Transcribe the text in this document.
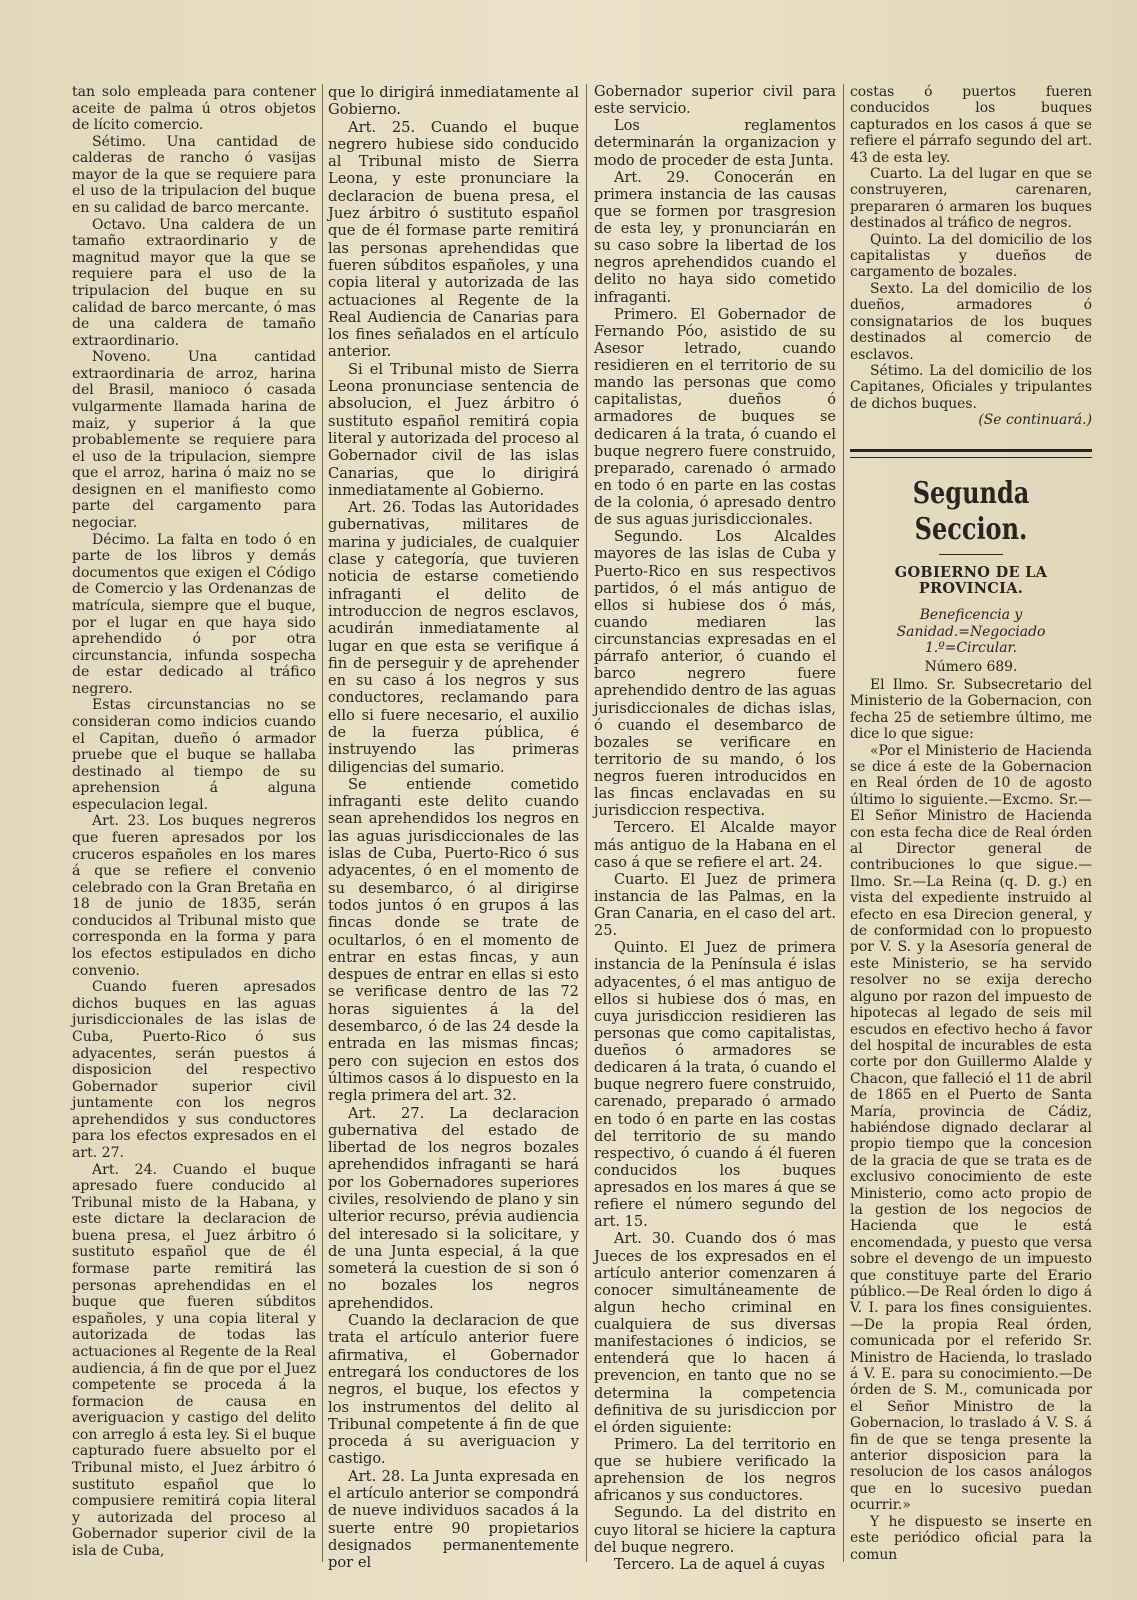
tan solo empleada para contener aceite de palma ú otros objetos de lícito comercio.

Sétimo. Una cantidad de calderas de rancho ó vasijas mayor de la que se requiere para el uso de la tripulacion del buque en su calidad de barco mercante.

Octavo. Una caldera de un tamaño extraordinario y de magnitud mayor que la que se requiere para el uso de la tripulacion del buque en su calidad de barco mercante, ó mas de una caldera de tamaño extraordinario.

Noveno. Una cantidad extraordinaria de arroz, harina del Brasil, manioco ó casada vulgarmente llamada harina de maiz, y superior á la que probablemente se requiere para el uso de la tripulacion, siempre que el arroz, harina ó maiz no se designen en el manifiesto como parte del cargamento para negociar.

Décimo. La falta en todo ó en parte de los libros y demás documentos que exigen el Código de Comercio y las Ordenanzas de matrícula, siempre que el buque, por el lugar en que haya sido aprehendido ó por otra circunstancia, infunda sospecha de estar dedicado al tráfico negrero.

Estas circunstancias no se consideran como indicios cuando el Capitan, dueño ó armador pruebe que el buque se hallaba destinado al tiempo de su aprehension á alguna especulacion legal.

Art. 23. Los buques negreros que fueren apresados por los cruceros españoles en los mares á que se refiere el convenio celebrado con la Gran Bretaña en 18 de junio de 1835, serán conducidos al Tribunal misto que corresponda en la forma y para los efectos estipulados en dicho convenio.

Cuando fueren apresados dichos buques en las aguas jurisdiccionales de las islas de Cuba, Puerto-Rico ó sus adyacentes, serán puestos á disposicion del respectivo Gobernador superior civil juntamente con los negros aprehendidos y sus conductores para los efectos expresados en el art. 27.

Art. 24. Cuando el buque apresado fuere conducido al Tribunal misto de la Habana, y este dictare la declaracion de buena presa, el Juez árbitro ó sustituto español que de él formase parte remitirá las personas aprehendidas en el buque que fueren súbditos españoles, y una copia literal y autorizada de todas las actuaciones al Regente de la Real audiencia, á fin de que por el Juez competente se proceda á la formacion de causa en averiguacion y castigo del delito con arreglo á esta ley. Si el buque capturado fuere absuelto por el Tribunal misto, el Juez árbitro ó sustituto español que lo compusiere remitirá copia literal y autorizada del proceso al Gobernador superior civil de la isla de Cuba,

que lo dirigirá inmediatamente al Gobierno.

Art. 25. Cuando el buque negrero hubiese sido conducido al Tribunal misto de Sierra Leona, y este pronunciare la declaracion de buena presa, el Juez árbitro ó sustituto español que de él formase parte remitirá las personas aprehendidas que fueren súbditos españoles, y una copia literal y autorizada de las actuaciones al Regente de la Real Audiencia de Canarias para los fines señalados en el artículo anterior.

Si el Tribunal misto de Sierra Leona pronunciase sentencia de absolucion, el Juez árbitro ó sustituto español remitirá copia literal y autorizada del proceso al Gobernador civil de las islas Canarias, que lo dirigirá inmediatamente al Gobierno.

Art. 26. Todas las Autoridades gubernativas, militares de marina y judiciales, de cualquier clase y categoría, que tuvieren noticia de estarse cometiendo infraganti el delito de introduccion de negros esclavos, acudirán inmediatamente al lugar en que esta se verifique á fin de perseguir y de aprehender en su caso á los negros y sus conductores, reclamando para ello si fuere necesario, el auxilio de la fuerza pública, é instruyendo las primeras diligencias del sumario.

Se entiende cometido infraganti este delito cuando sean aprehendidos los negros en las aguas jurisdiccionales de las islas de Cuba, Puerto-Rico ó sus adyacentes, ó en el momento de su desembarco, ó al dirigirse todos juntos ó en grupos á las fincas donde se trate de ocultarlos, ó en el momento de entrar en estas fincas, y aun despues de entrar en ellas si esto se verificase dentro de las 72 horas siguientes á la del desembarco, ó de las 24 desde la entrada en las mismas fincas; pero con sujecion en estos dos últimos casos á lo dispuesto en la regla primera del art. 32.

Art. 27. La declaracion gubernativa del estado de libertad de los negros bozales aprehendidos infraganti se hará por los Gobernadores superiores civiles, resolviendo de plano y sin ulterior recurso, prévia audiencia del interesado si la solicitare, y de una Junta especial, á la que someterá la cuestion de si son ó no bozales los negros aprehendidos.

Cuando la declaracion de que trata el artículo anterior fuere afirmativa, el Gobernador entregará los conductores de los negros, el buque, los efectos y los instrumentos del delito al Tribunal competente á fin de que proceda á su averiguacion y castigo.

Art. 28. La Junta expresada en el artículo anterior se compondrá de nueve individuos sacados á la suerte entre 90 propietarios designados permanentemente por el

Gobernador superior civil para este servicio.

Los reglamentos determinarán la organizacion y modo de proceder de esta Junta.

Art. 29. Conocerán en primera instancia de las causas que se formen por trasgresion de esta ley, y pronunciarán en su caso sobre la libertad de los negros aprehendidos cuando el delito no haya sido cometido infraganti.

Primero. El Gobernador de Fernando Póo, asistido de su Asesor letrado, cuando residieren en el territorio de su mando las personas que como capitalistas, dueños ó armadores de buques se dedicaren á la trata, ó cuando el buque negrero fuere construido, preparado, carenado ó armado en todo ó en parte en las costas de la colonia, ó apresado dentro de sus aguas jurisdiccionales.

Segundo. Los Alcaldes mayores de las islas de Cuba y Puerto-Rico en sus respectivos partidos, ó el más antiguo de ellos si hubiese dos ó más, cuando mediaren las circunstancias expresadas en el párrafo anterior, ó cuando el barco negrero fuere aprehendido dentro de las aguas jurisdiccionales de dichas islas, ó cuando el desembarco de bozales se verificare en territorio de su mando, ó los negros fueren introducidos en las fincas enclavadas en su jurisdiccion respectiva.

Tercero. El Alcalde mayor más antiguo de la Habana en el caso á que se refiere el art. 24.

Cuarto. El Juez de primera instancia de las Palmas, en la Gran Canaria, en el caso del art. 25.

Quinto. El Juez de primera instancia de la Península é islas adyacentes, ó el mas antiguo de ellos si hubiese dos ó mas, en cuya jurisdiccion residieren las personas que como capitalistas, dueños ó armadores se dedicaren á la trata, ó cuando el buque negrero fuere construido, carenado, preparado ó armado en todo ó en parte en las costas del territorio de su mando respectivo, ó cuando á él fueren conducidos los buques apresados en los mares á que se refiere el número segundo del art. 15.

Art. 30. Cuando dos ó mas Jueces de los expresados en el artículo anterior comenzaren á conocer simultáneamente de algun hecho criminal en cualquiera de sus diversas manifestaciones ó indicios, se entenderá que lo hacen á prevencion, en tanto que no se determina la competencia definitiva de su jurisdiccion por el órden siguiente:

Primero. La del territorio en que se hubiere verificado la aprehension de los negros africanos y sus conductores.

Segundo. La del distrito en cuyo litoral se hiciere la captura del buque negrero.

Tercero. La de aquel á cuyas

costas ó puertos fueren conducidos los buques capturados en los casos á que se refiere el párrafo segundo del art. 43 de esta ley.

Cuarto. La del lugar en que se construyeren, carenaren, prepararen ó armaren los buques destinados al tráfico de negros.

Quinto. La del domicilio de los capitalistas y dueños de cargamento de bozales.

Sexto. La del domicilio de los dueños, armadores ó consignatarios de los buques destinados al comercio de esclavos.

Sétimo. La del domicilio de los Capitanes, Oficiales y tripulantes de dichos buques.

(Se continuará.)

Segunda Seccion.
GOBIERNO DE LA PROVINCIA.

Beneficencia y Sanidad.=Negociado 1.º=Circular.

Número 689.

El Ilmo. Sr. Subsecretario del Ministerio de la Gobernacion, con fecha 25 de setiembre último, me dice lo que sigue:

«Por el Ministerio de Hacienda se dice á este de la Gobernacion en Real órden de 10 de agosto último lo siguiente.—Excmo. Sr.—El Señor Ministro de Hacienda con esta fecha dice de Real órden al Director general de contribuciones lo que sigue.—Ilmo. Sr.—La Reina (q. D. g.) en vista del expediente instruido al efecto en esa Direcion general, y de conformidad con lo propuesto por V. S. y la Asesoría general de este Ministerio, se ha servido resolver no se exija derecho alguno por razon del impuesto de hipotecas al legado de seis mil escudos en efectivo hecho á favor del hospital de incurables de esta corte por don Guillermo Alalde y Chacon, que falleció el 11 de abril de 1865 en el Puerto de Santa María, provincia de Cádiz, habiéndose dignado declarar al propio tiempo que la concesion de la gracia de que se trata es de exclusivo conocimiento de este Ministerio, como acto propio de la gestion de los negocios de Hacienda que le está encomendada, y puesto que versa sobre el devengo de un impuesto que constituye parte del Erario público.—De Real órden lo digo á V. I. para los fines consiguientes.—De la propia Real órden, comunicada por el referido Sr. Ministro de Hacienda, lo traslado á V. E. para su conocimiento.—De órden de S. M., comunicada por el Señor Ministro de la Gobernacion, lo traslado á V. S. á fin de que se tenga presente la anterior disposicion para la resolucion de los casos análogos que en lo sucesivo puedan ocurrir.»

Y he dispuesto se inserte en este periódico oficial para la comun
